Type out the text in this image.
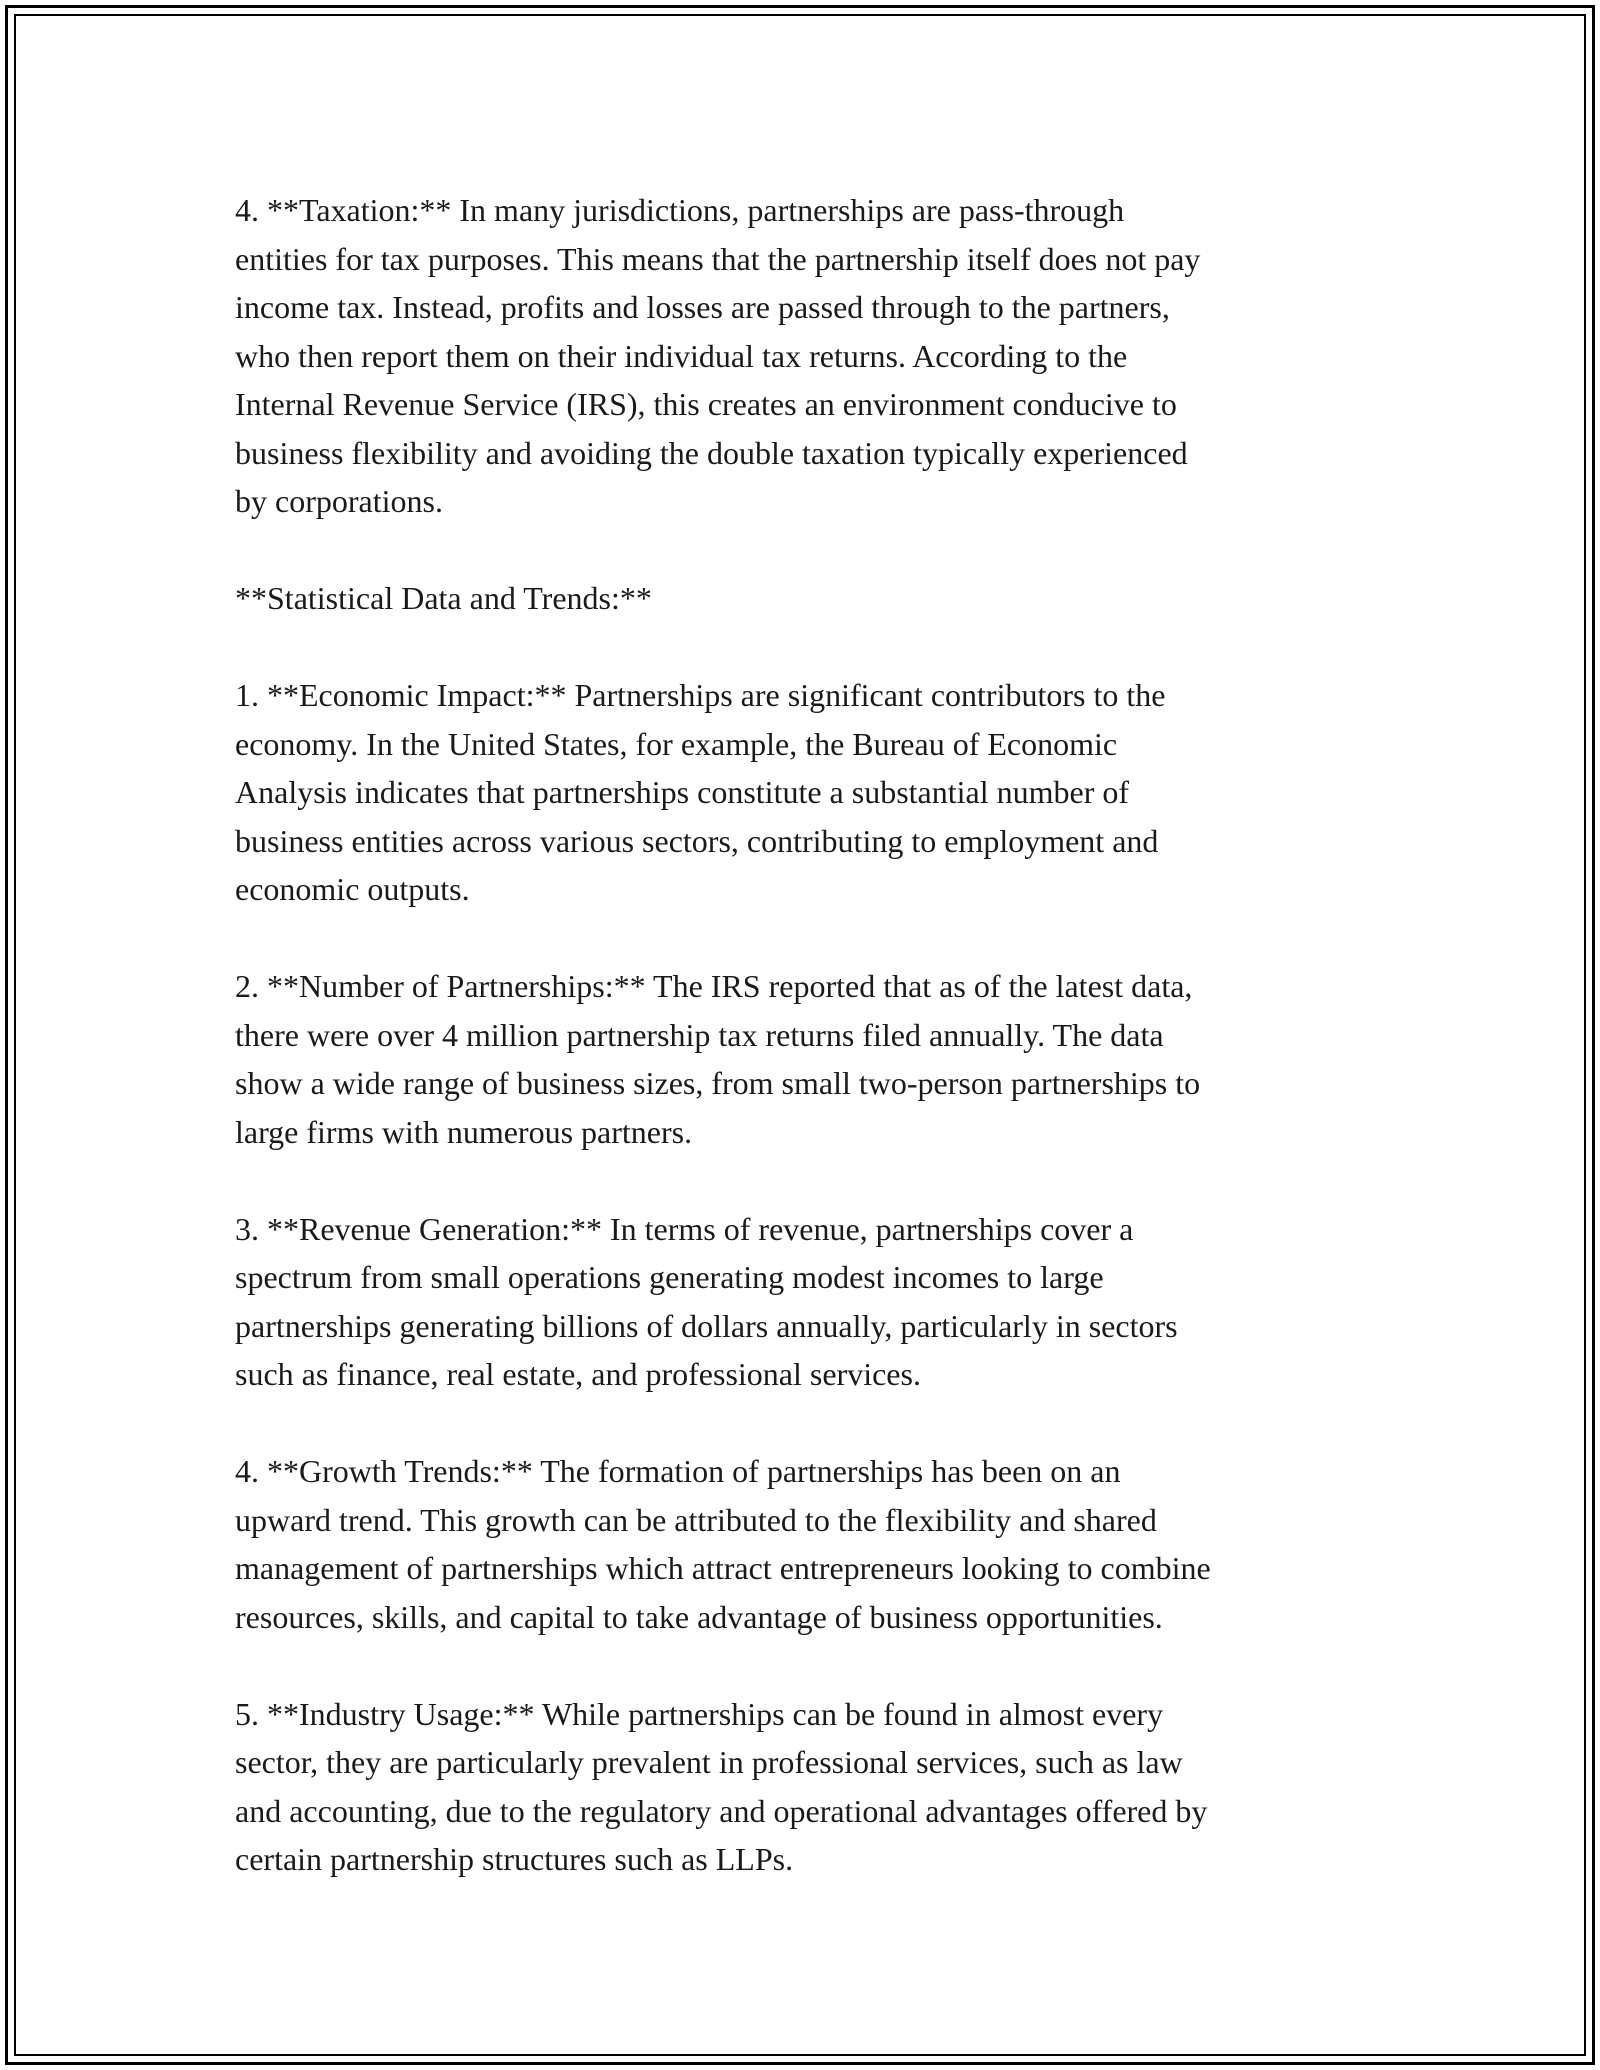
4. **Taxation:** In many jurisdictions, partnerships are pass-through
entities for tax purposes. This means that the partnership itself does not pay
income tax. Instead, profits and losses are passed through to the partners,
who then report them on their individual tax returns. According to the
Internal Revenue Service (IRS), this creates an environment conducive to
business flexibility and avoiding the double taxation typically experienced
by corporations.

**Statistical Data and Trends:**

1. **Economic Impact:** Partnerships are significant contributors to the
economy. In the United States, for example, the Bureau of Economic
Analysis indicates that partnerships constitute a substantial number of
business entities across various sectors, contributing to employment and
economic outputs.

2. **Number of Partnerships:** The IRS reported that as of the latest data,
there were over 4 million partnership tax returns filed annually. The data
show a wide range of business sizes, from small two-person partnerships to
large firms with numerous partners.

3. **Revenue Generation:** In terms of revenue, partnerships cover a
spectrum from small operations generating modest incomes to large
partnerships generating billions of dollars annually, particularly in sectors
such as finance, real estate, and professional services.

4. **Growth Trends:** The formation of partnerships has been on an
upward trend. This growth can be attributed to the flexibility and shared
management of partnerships which attract entrepreneurs looking to combine
resources, skills, and capital to take advantage of business opportunities.

5. **Industry Usage:** While partnerships can be found in almost every
sector, they are particularly prevalent in professional services, such as law
and accounting, due to the regulatory and operational advantages offered by
certain partnership structures such as LLPs.
